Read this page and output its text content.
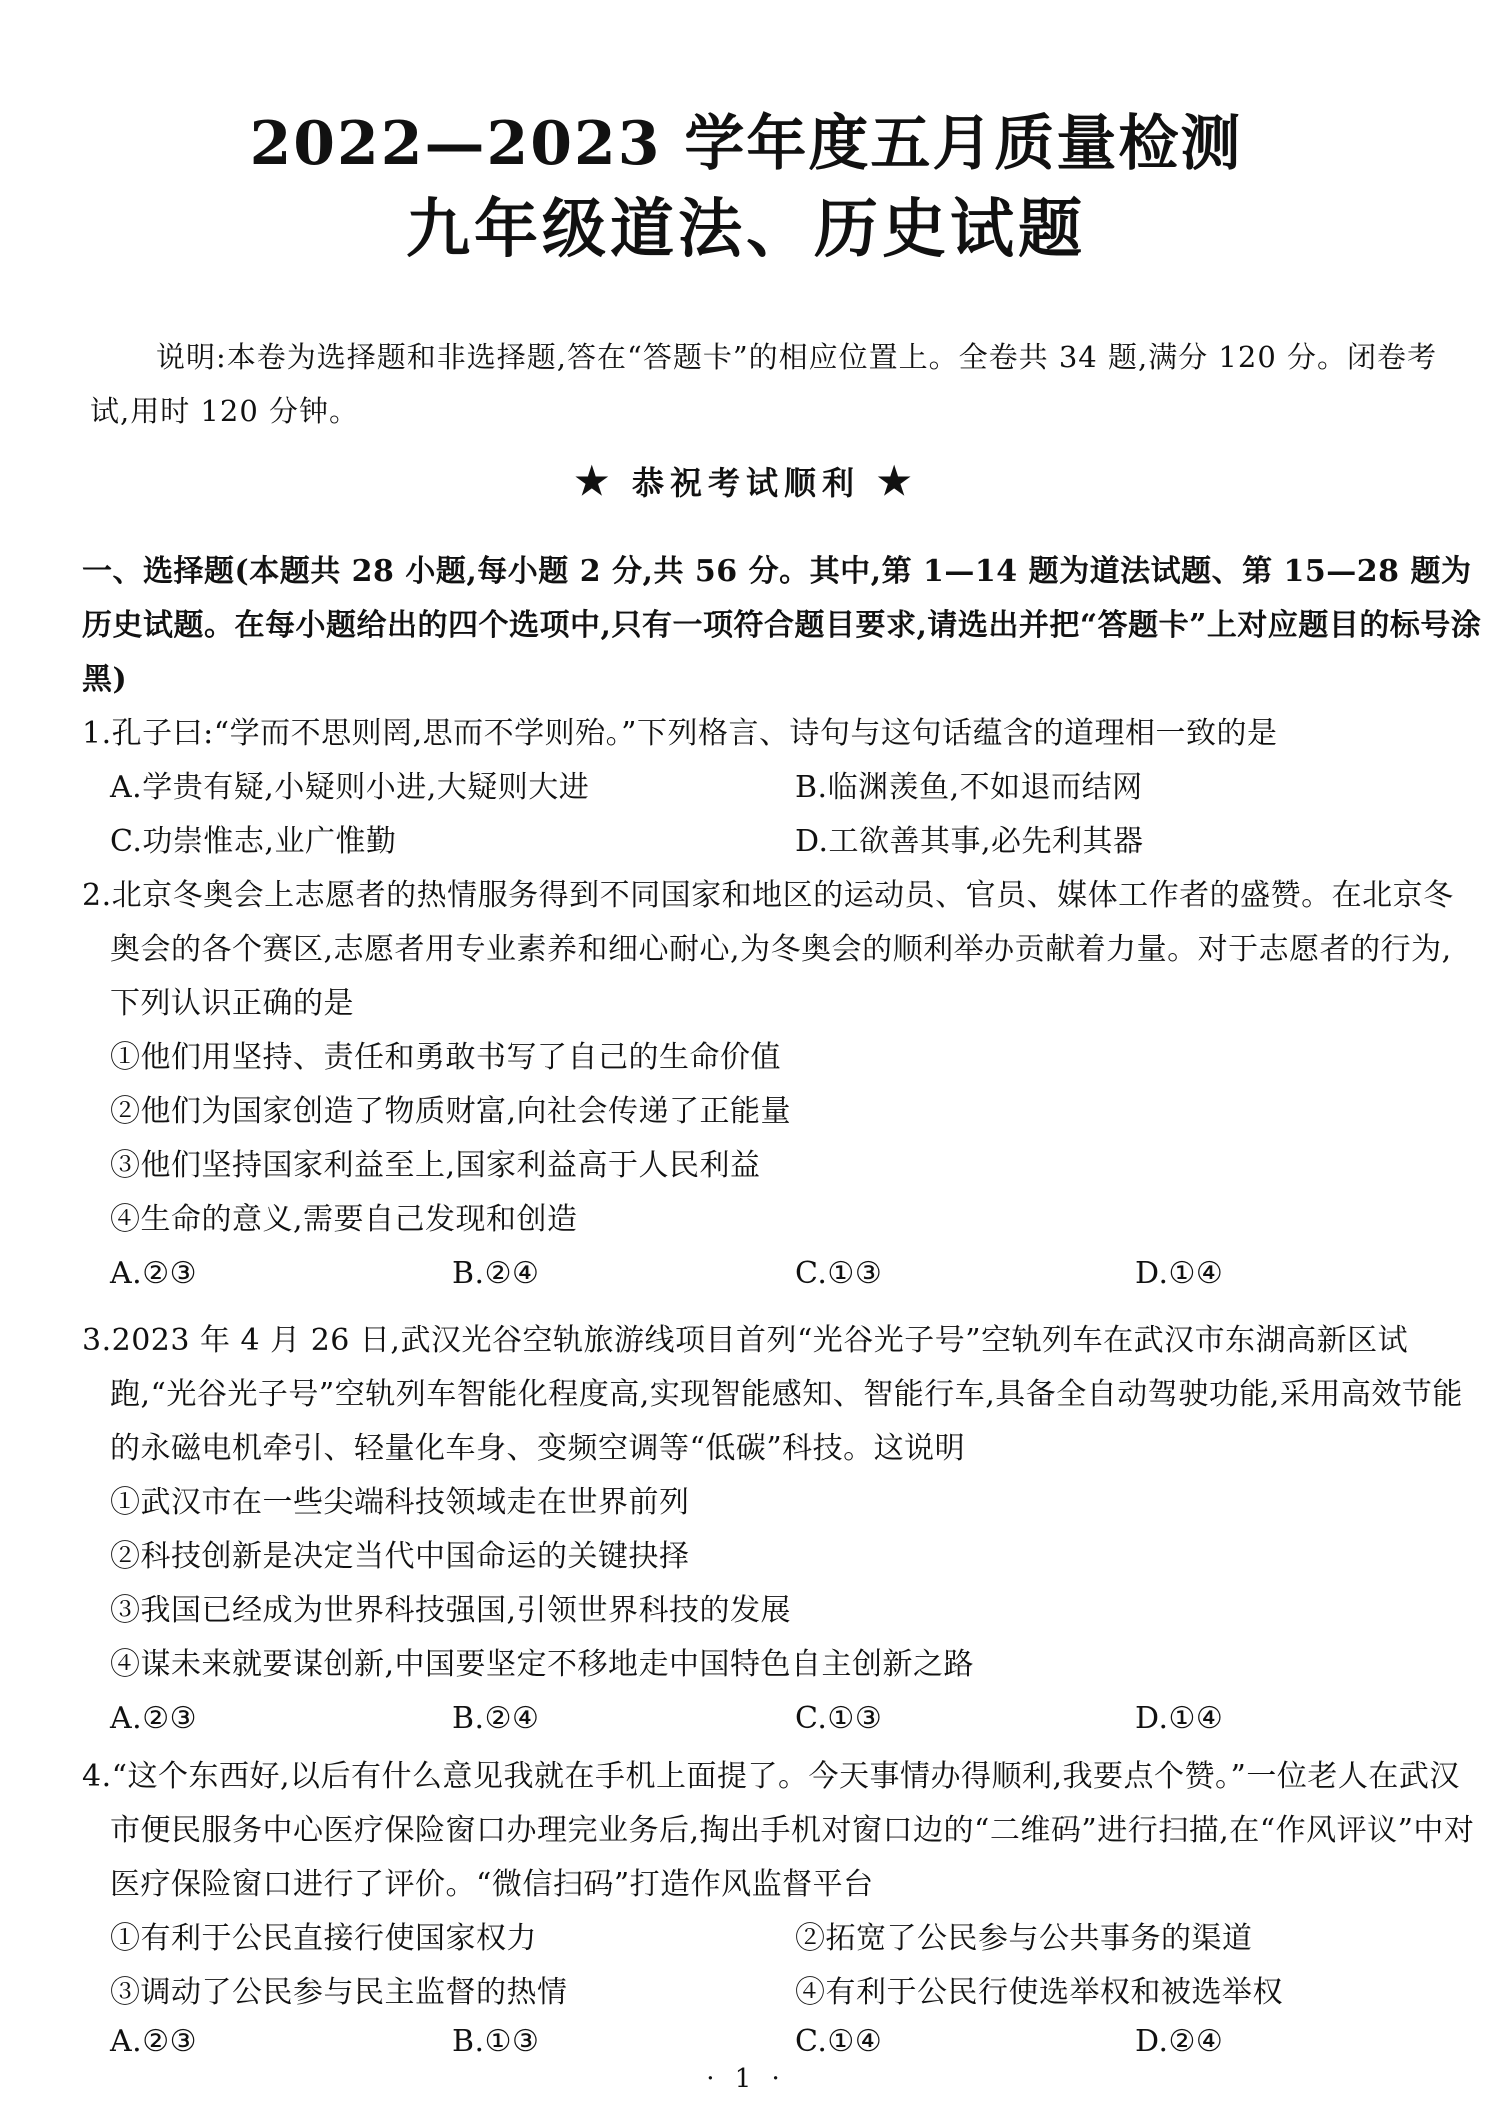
2022—2023 学年度五月质量检测
九年级道法、历史试题
说明:本卷为选择题和非选择题,答在“答题卡”的相应位置上。全卷共 34 题,满分 120 分。闭卷考试,用时 120 分钟。
★ 恭祝考试顺利 ★
一、选择题(本题共 28 小题,每小题 2 分,共 56 分。其中,第 1—14 题为道法试题、第 15—28 题为历史试题。在每小题给出的四个选项中,只有一项符合题目要求,请选出并把“答题卡”上对应题目的标号涂黑)
1.孔子曰:“学而不思则罔,思而不学则殆。”下列格言、诗句与这句话蕴含的道理相一致的是
A.学贵有疑,小疑则小进,大疑则大进	B.临渊羡鱼,不如退而结网
C.功崇惟志,业广惟勤	D.工欲善其事,必先利其器
2.北京冬奥会上志愿者的热情服务得到不同国家和地区的运动员、官员、媒体工作者的盛赞。在北京冬奥会的各个赛区,志愿者用专业素养和细心耐心,为冬奥会的顺利举办贡献着力量。对于志愿者的行为,下列认识正确的是
①他们用坚持、责任和勇敢书写了自己的生命价值
②他们为国家创造了物质财富,向社会传递了正能量
③他们坚持国家利益至上,国家利益高于人民利益
④生命的意义,需要自己发现和创造
A.②③	B.②④	C.①③	D.①④
3.2023 年 4 月 26 日,武汉光谷空轨旅游线项目首列“光谷光子号”空轨列车在武汉市东湖高新区试跑,“光谷光子号”空轨列车智能化程度高,实现智能感知、智能行车,具备全自动驾驶功能,采用高效节能的永磁电机牵引、轻量化车身、变频空调等“低碳”科技。这说明
①武汉市在一些尖端科技领域走在世界前列
②科技创新是决定当代中国命运的关键抉择
③我国已经成为世界科技强国,引领世界科技的发展
④谋未来就要谋创新,中国要坚定不移地走中国特色自主创新之路
A.②③	B.②④	C.①③	D.①④
4.“这个东西好,以后有什么意见我就在手机上面提了。今天事情办得顺利,我要点个赞。”一位老人在武汉市便民服务中心医疗保险窗口办理完业务后,掏出手机对窗口边的“二维码”进行扫描,在“作风评议”中对医疗保险窗口进行了评价。“微信扫码”打造作风监督平台
①有利于公民直接行使国家权力	②拓宽了公民参与公共事务的渠道
③调动了公民参与民主监督的热情	④有利于公民行使选举权和被选举权
A.②③	B.①③	C.①④	D.②④
· 1 ·
